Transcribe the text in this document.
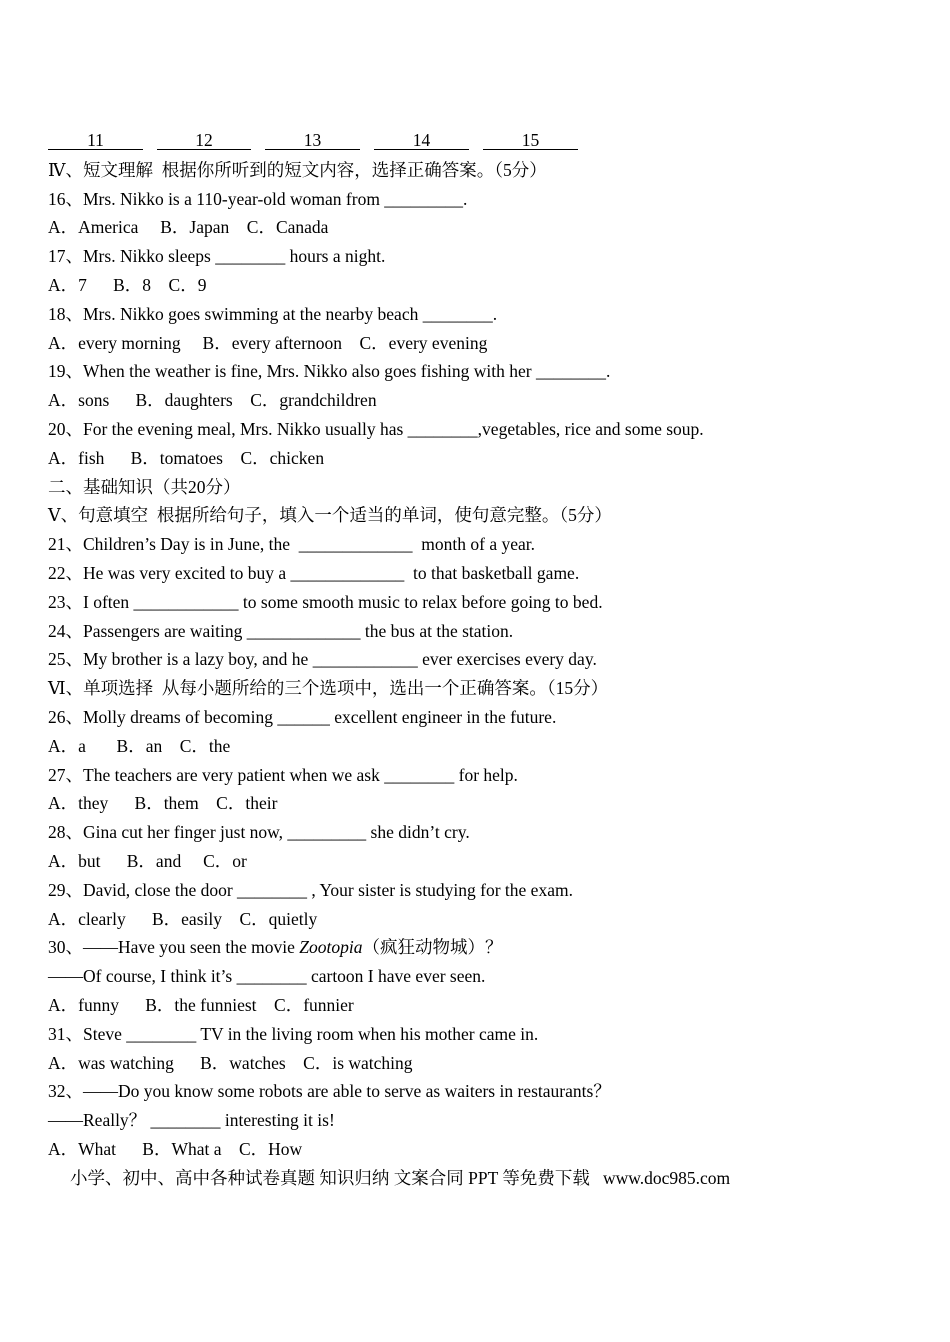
11	12	13	14	15
Ⅳ、短文理解  根据你所听到的短文内容，选择正确答案。（5分）
16、Mrs. Nikko is a 110-year-old woman from _________.
A．America     B．Japan    C．Canada
17、Mrs. Nikko sleeps ________ hours a night.
A．7      B．8    C．9
18、Mrs. Nikko goes swimming at the nearby beach ________.
A．every morning     B．every afternoon    C．every evening
19、When the weather is fine, Mrs. Nikko also goes fishing with her ________.
A．sons      B．daughters    C．grandchildren
20、For the evening meal, Mrs. Nikko usually has ________,vegetables, rice and some soup.
A．fish      B．tomatoes    C．chicken
二、基础知识（共20分）
Ⅴ、句意填空  根据所给句子，填入一个适当的单词，使句意完整。（5分）
21、Children’s Day is in June, the  _____________  month of a year.
22、He was very excited to buy a _____________  to that basketball game.
23、I often ____________ to some smooth music to relax before going to bed.
24、Passengers are waiting _____________ the bus at the station.
25、My brother is a lazy boy, and he ____________ ever exercises every day.
Ⅵ、单项选择  从每小题所给的三个选项中，选出一个正确答案。（15分）
26、Molly dreams of becoming ______ excellent engineer in the future.
A．a       B．an    C．the
27、The teachers are very patient when we ask ________ for help.
A．they      B．them    C．their
28、Gina cut her finger just now, _________ she didn’t cry.
A．but      B．and     C．or
29、David, close the door ________ , Your sister is studying for the exam.
A．clearly      B．easily    C．quietly
30、——Have you seen the movie Zootopia（疯狂动物城）？
——Of course, I think it’s ________ cartoon I have ever seen.
A．funny      B．the funniest    C．funnier
31、Steve ________ TV in the living room when his mother came in.
A．was watching      B．watches    C．is watching
32、——Do you know some robots are able to serve as waiters in restaurants？
——Really？ ________ interesting it is!
A．What      B．What a    C．How
小学、初中、高中各种试卷真题 知识归纳 文案合同 PPT 等免费下载   www.doc985.com
